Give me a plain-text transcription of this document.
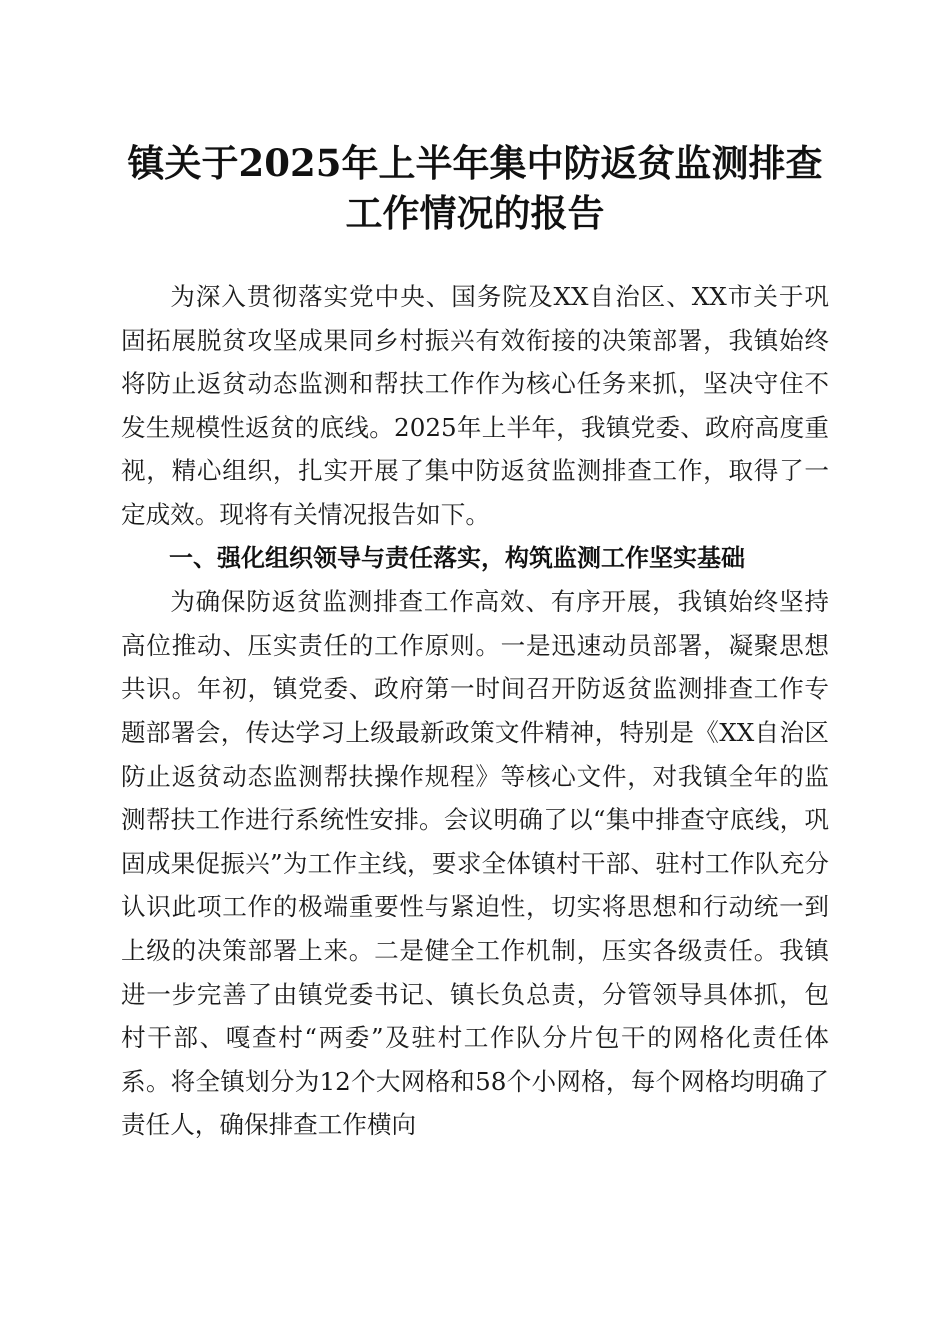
镇关于2025年上半年集中防返贫监测排查工作情况的报告

为深入贯彻落实党中央、国务院及XX自治区、XX市关于巩固拓展脱贫攻坚成果同乡村振兴有效衔接的决策部署，我镇始终将防止返贫动态监测和帮扶工作作为核心任务来抓，坚决守住不发生规模性返贫的底线。2025年上半年，我镇党委、政府高度重视，精心组织，扎实开展了集中防返贫监测排查工作，取得了一定成效。现将有关情况报告如下。

一、强化组织领导与责任落实，构筑监测工作坚实基础

为确保防返贫监测排查工作高效、有序开展，我镇始终坚持高位推动、压实责任的工作原则。一是迅速动员部署，凝聚思想共识。年初，镇党委、政府第一时间召开防返贫监测排查工作专题部署会，传达学习上级最新政策文件精神，特别是《XX自治区防止返贫动态监测帮扶操作规程》等核心文件，对我镇全年的监测帮扶工作进行系统性安排。会议明确了以“集中排查守底线，巩固成果促振兴”为工作主线，要求全体镇村干部、驻村工作队充分认识此项工作的极端重要性与紧迫性，切实将思想和行动统一到上级的决策部署上来。二是健全工作机制，压实各级责任。我镇进一步完善了由镇党委书记、镇长负总责，分管领导具体抓，包村干部、嘎查村“两委”及驻村工作队分片包干的网格化责任体系。将全镇划分为12个大网格和58个小网格，每个网格均明确了责任人，确保排查工作横向
